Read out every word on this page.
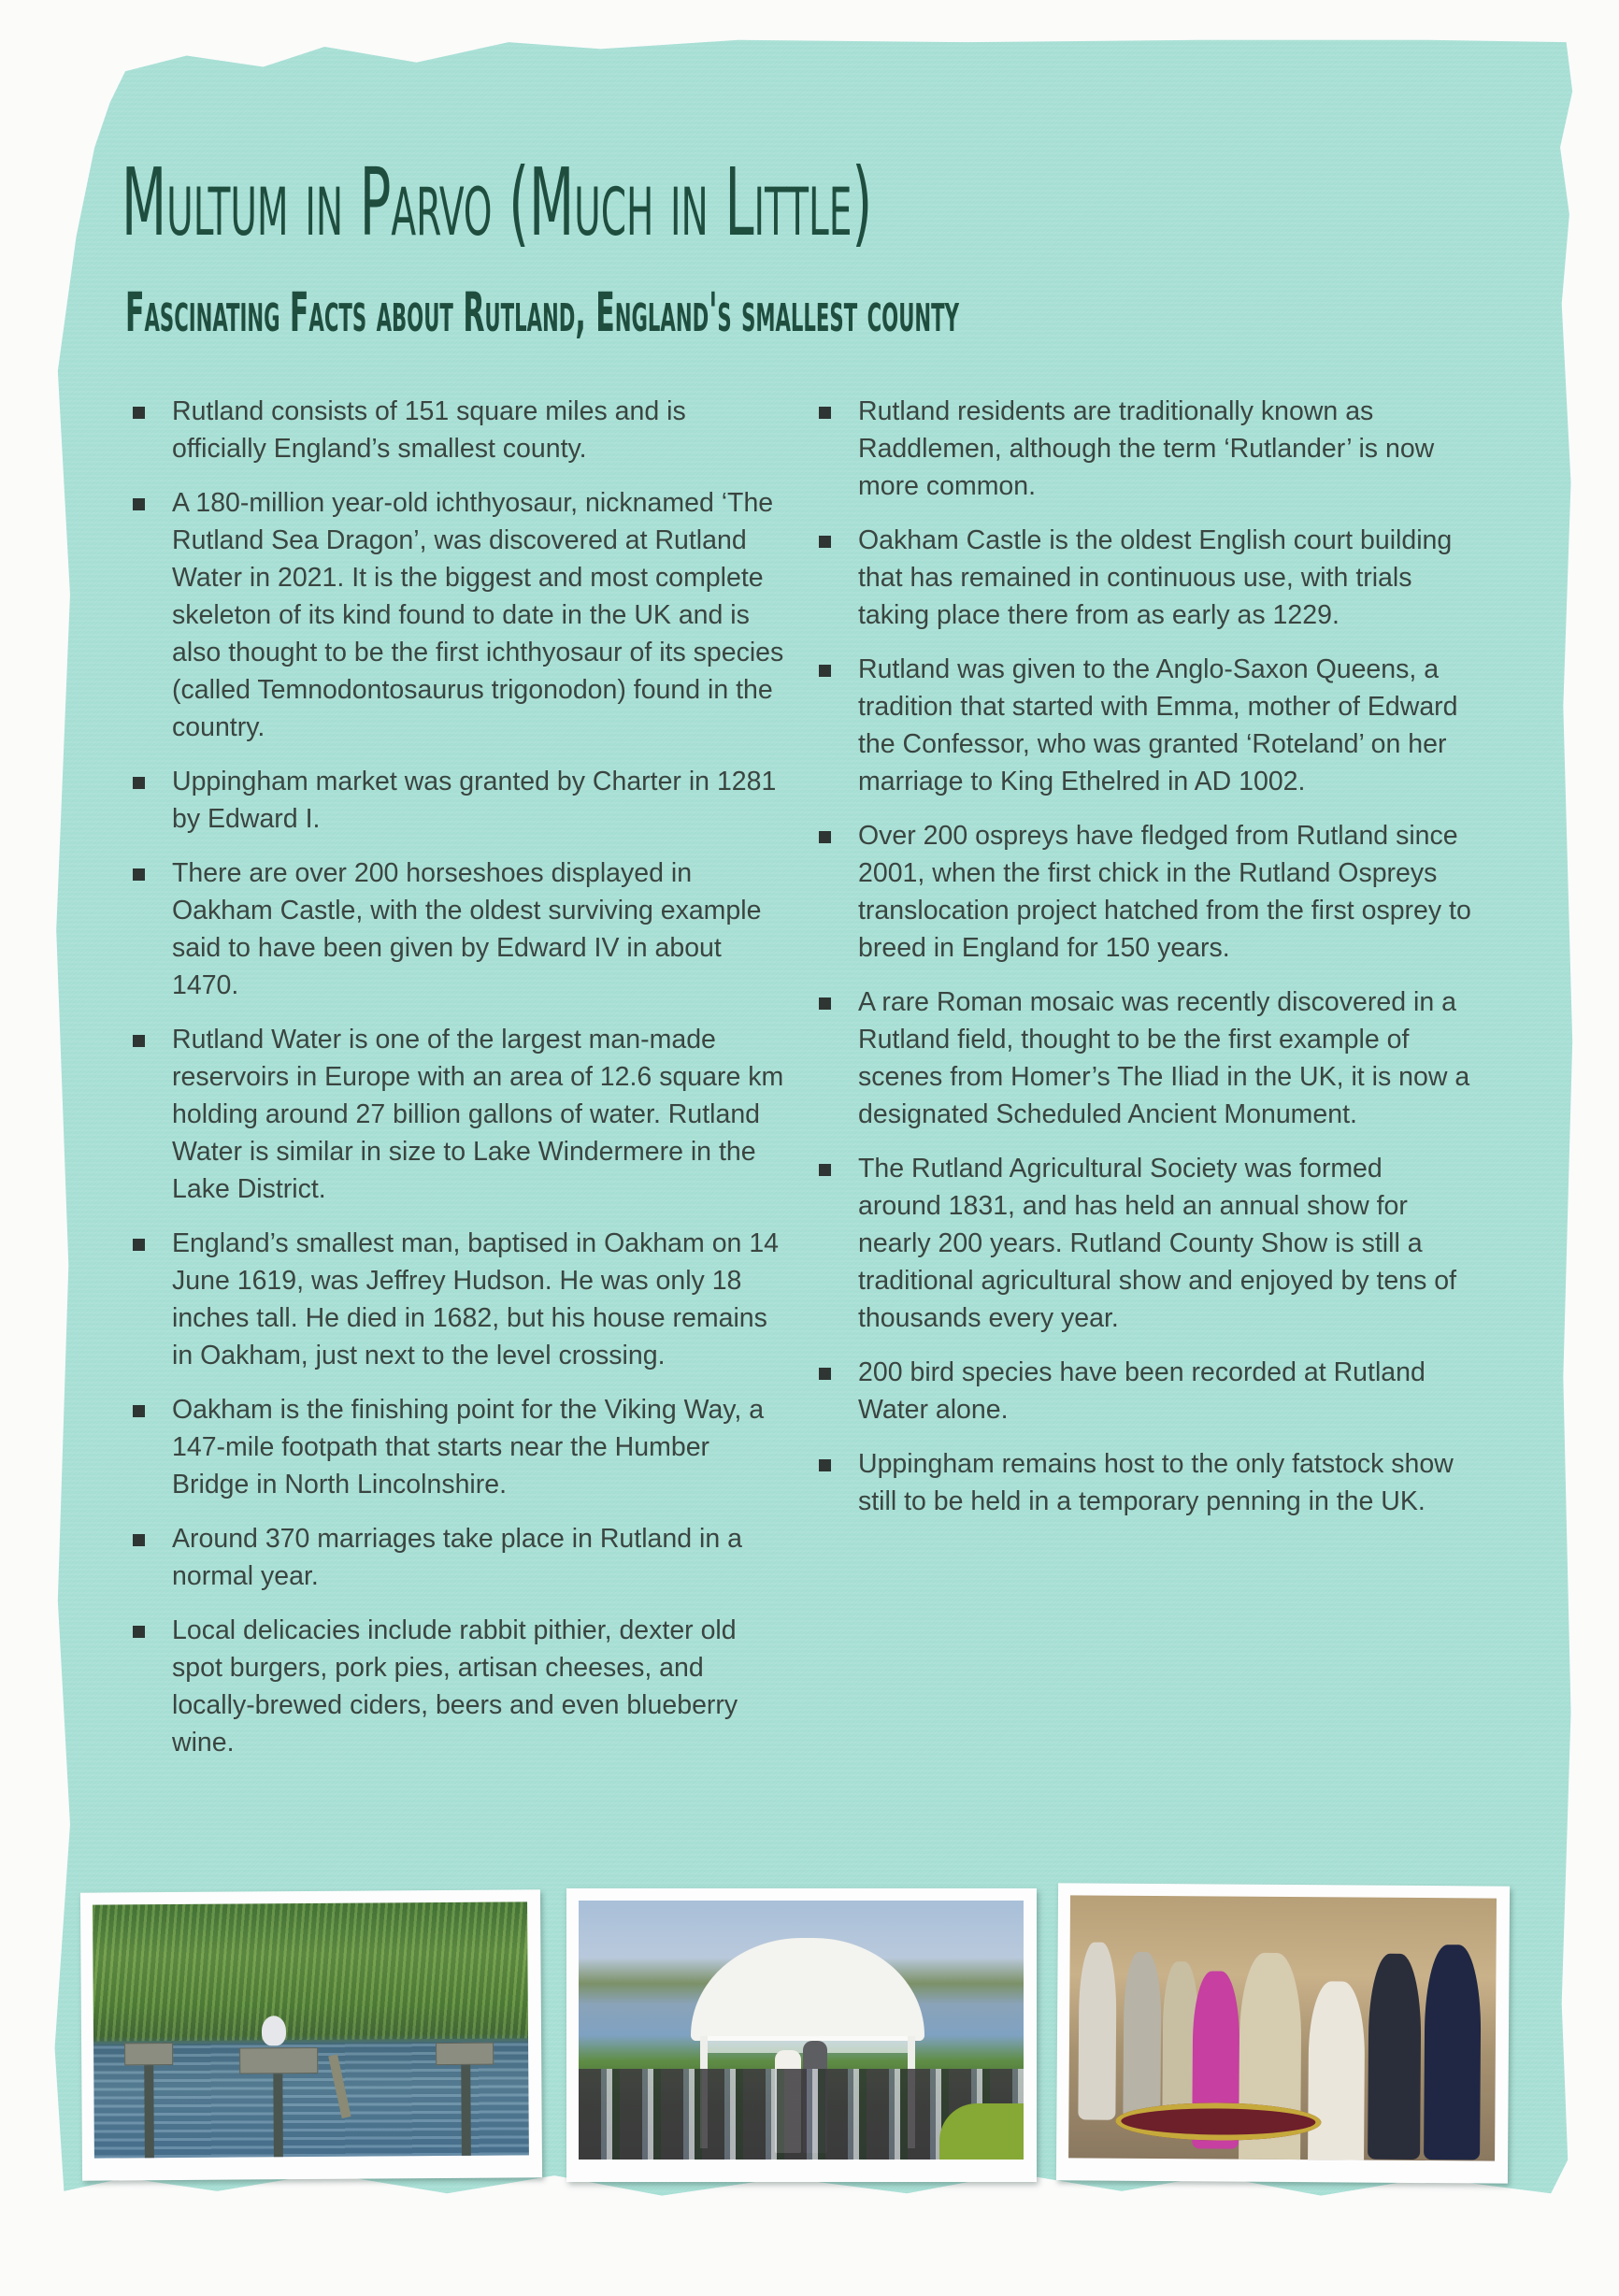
Multum in Parvo (Much in Little)
Fascinating Facts about Rutland, England's smallest county
Rutland consists of 151 square miles and is officially England’s smallest county.
A 180-million year-old ichthyosaur, nicknamed ‘The Rutland Sea Dragon’, was discovered at Rutland Water in 2021. It is the biggest and most complete skeleton of its kind found to date in the UK and is also thought to be the first ichthyosaur of its species (called Temnodontosaurus trigonodon) found in the country.
Uppingham market was granted by Charter in 1281 by Edward I.
There are over 200 horseshoes displayed in Oakham Castle, with the oldest surviving example said to have been given by Edward IV in about 1470.
Rutland Water is one of the largest man-made reservoirs in Europe with an area of 12.6 square km holding around 27 billion gallons of water. Rutland Water is similar in size to Lake Windermere in the Lake District.
England’s smallest man, baptised in Oakham on 14 June 1619, was Jeffrey Hudson. He was only 18 inches tall. He died in 1682, but his house remains in Oakham, just next to the level crossing.
Oakham is the finishing point for the Viking Way, a 147-mile footpath that starts near the Humber Bridge in North Lincolnshire.
Around 370 marriages take place in Rutland in a normal year.
Local delicacies include rabbit pithier, dexter old spot burgers, pork pies, artisan cheeses, and locally-brewed ciders, beers and even blueberry wine.
Rutland residents are traditionally known as Raddlemen, although the term ‘Rutlander’ is now more common.
Oakham Castle is the oldest English court building that has remained in continuous use, with trials taking place there from as early as 1229.
Rutland was given to the Anglo-Saxon Queens, a tradition that started with Emma, mother of Edward the Confessor, who was granted ‘Roteland’ on her marriage to King Ethelred in AD 1002.
Over 200 ospreys have fledged from Rutland since 2001, when the first chick in the Rutland Ospreys translocation project hatched from the first osprey to breed in England for 150 years.
A rare Roman mosaic was recently discovered in a Rutland field, thought to be the first example of scenes from Homer’s The Iliad in the UK, it is now a designated Scheduled Ancient Monument.
The Rutland Agricultural Society was formed around 1831, and has held an annual show for nearly 200 years. Rutland County Show is still a traditional agricultural show and enjoyed by tens of thousands every year.
200 bird species have been recorded at Rutland Water alone.
Uppingham remains host to the only fatstock show still to be held in a temporary penning in the UK.
